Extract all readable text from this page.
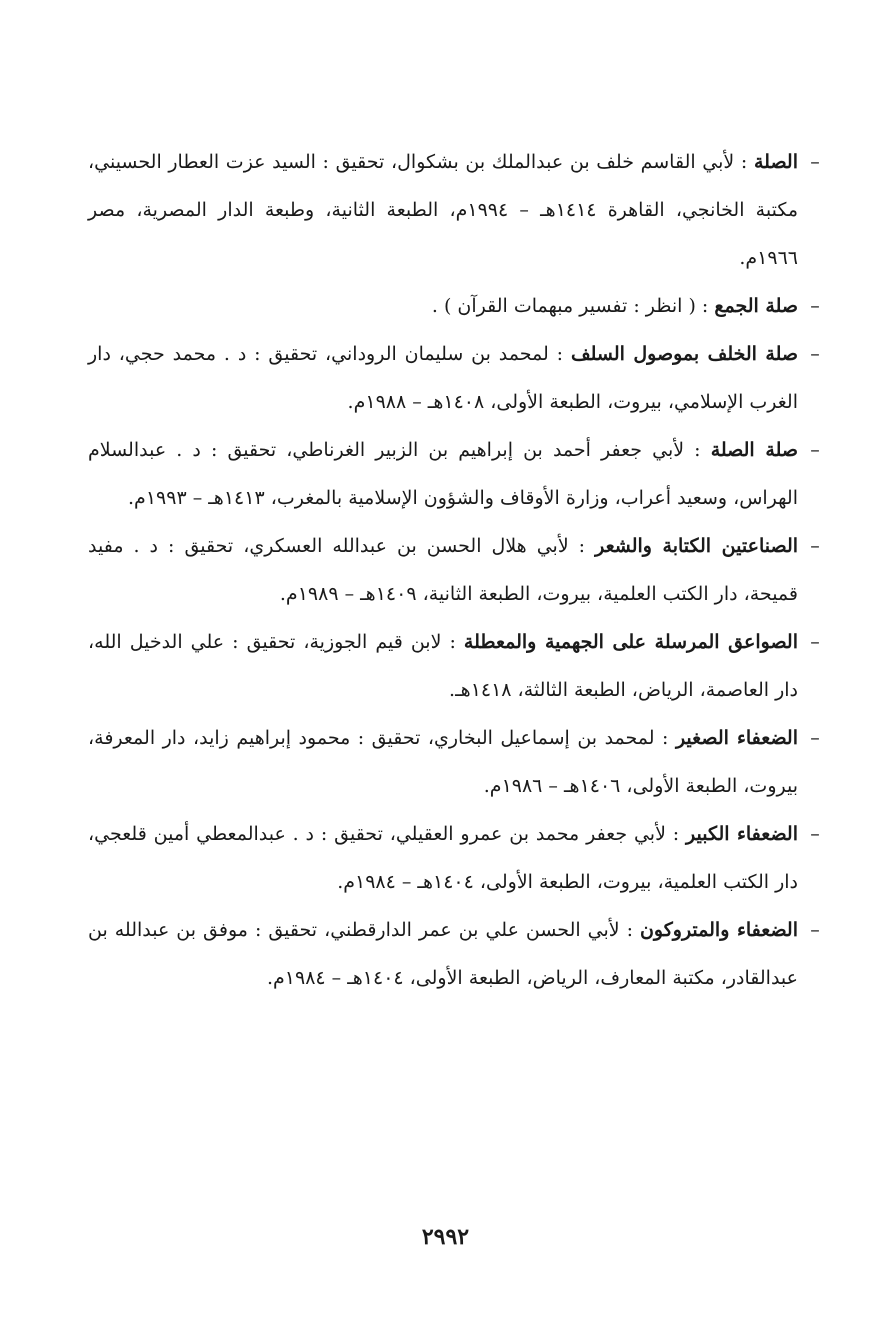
–
الصلة : لأبي القاسم خلف بن عبدالملك بن بشكوال، تحقيق : السيد عزت العطار الحسيني، مكتبة الخانجي، القاهرة ١٤١٤هـ – ١٩٩٤م، الطبعة الثانية، وطبعة الدار المصرية، مصر ١٩٦٦م.

–
صلة الجمع : ( انظر : تفسير مبهمات القرآن ) .

–
صلة الخلف بموصول السلف : لمحمد بن سليمان الروداني، تحقيق : د . محمد حجي، دار الغرب الإسلامي، بيروت، الطبعة الأولى، ١٤٠٨هـ – ١٩٨٨م.

–
صلة الصلة : لأبي جعفر أحمد بن إبراهيم بن الزبير الغرناطي، تحقيق : د . عبدالسلام الهراس، وسعيد أعراب، وزارة الأوقاف والشؤون الإسلامية بالمغرب، ١٤١٣هـ – ١٩٩٣م.

–
الصناعتين الكتابة والشعر : لأبي هلال الحسن بن عبدالله العسكري، تحقيق : د . مفيد قميحة، دار الكتب العلمية، بيروت، الطبعة الثانية، ١٤٠٩هـ – ١٩٨٩م.

–
الصواعق المرسلة على الجهمية والمعطلة : لابن قيم الجوزية، تحقيق : علي الدخيل الله، دار العاصمة، الرياض، الطبعة الثالثة، ١٤١٨هـ.

–
الضعفاء الصغير : لمحمد بن إسماعيل البخاري، تحقيق : محمود إبراهيم زايد، دار المعرفة، بيروت، الطبعة الأولى، ١٤٠٦هـ – ١٩٨٦م.

–
الضعفاء الكبير : لأبي جعفر محمد بن عمرو العقيلي، تحقيق : د . عبدالمعطي أمين قلعجي، دار الكتب العلمية، بيروت، الطبعة الأولى، ١٤٠٤هـ – ١٩٨٤م.

–
الضعفاء والمتروكون : لأبي الحسن علي بن عمر الدارقطني، تحقيق : موفق بن عبدالله بن عبدالقادر، مكتبة المعارف، الرياض، الطبعة الأولى، ١٤٠٤هـ – ١٩٨٤م.

٢٩٩٢
